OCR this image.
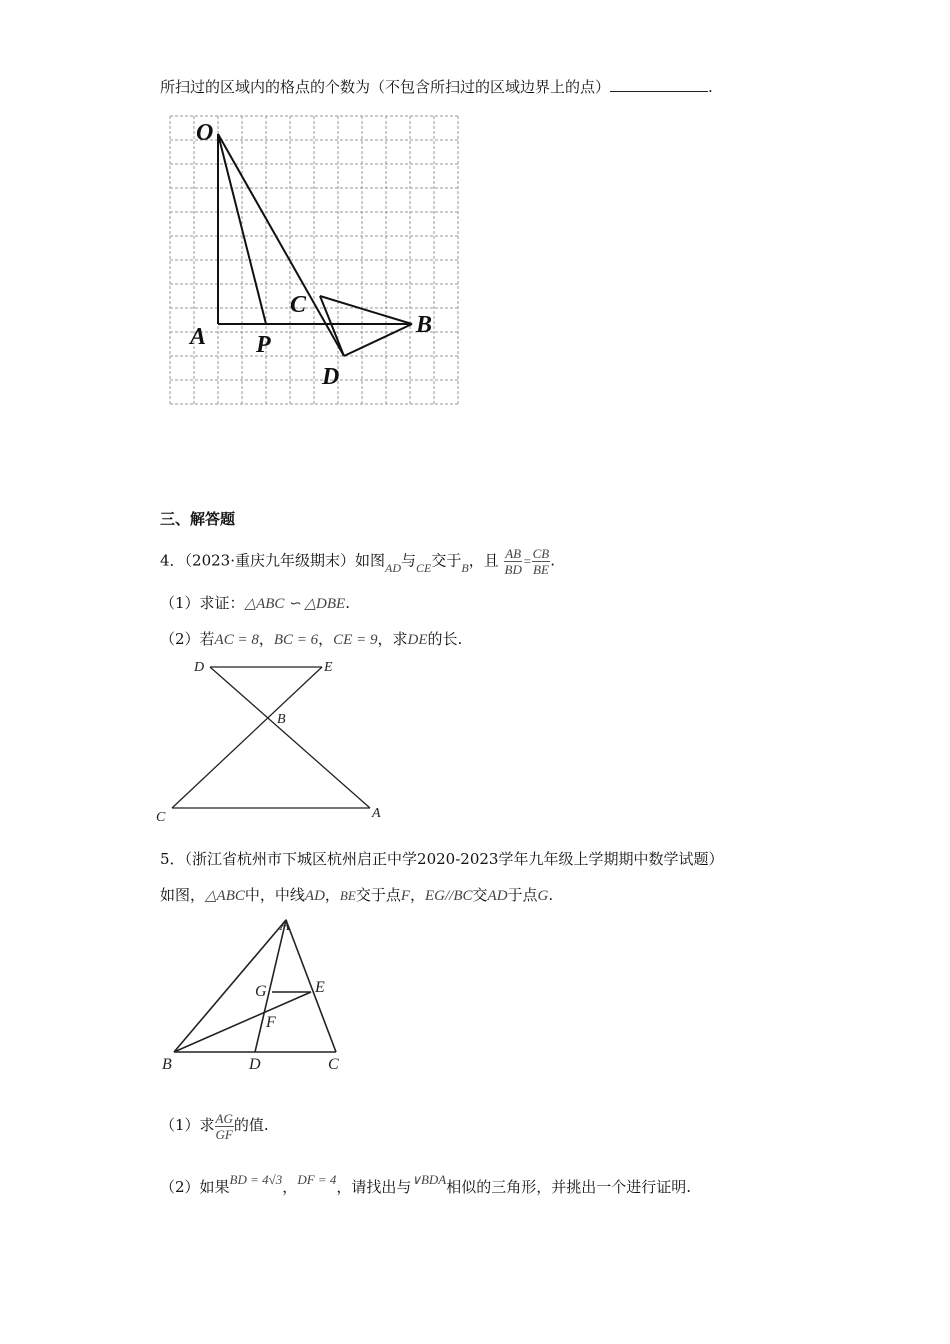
所扫过的区域内的格点的个数为（不包含所扫过的区域边界上的点）	.
O
A P
C
B
D
三、解答题
4．（2023·重庆九年级期末）如图$_{AD}$与$_{CE}$交于$_B$，且 $\frac{AB}{BD} = \frac{CB}{BE}$ .
（1）求证：△ABC ∽ △DBE.
（2）若AC = 8，BC = 6，CE = 9，求DE的长.
D	E
B
C	A
5．（浙江省杭州市下城区杭州启正中学2020-2023学年九年级上学期期中数学试题）
如图，△ABC中，中线AD，BE交于点F，EG//BC交AD于点G.
A
G	E
F
B	D	C
（1）求 $\frac{AG}{GF}$ 的值.
（2）如果BD = 4√3，DF = 4，请找出与∨BDA相似的三角形，并挑出一个进行证明.
